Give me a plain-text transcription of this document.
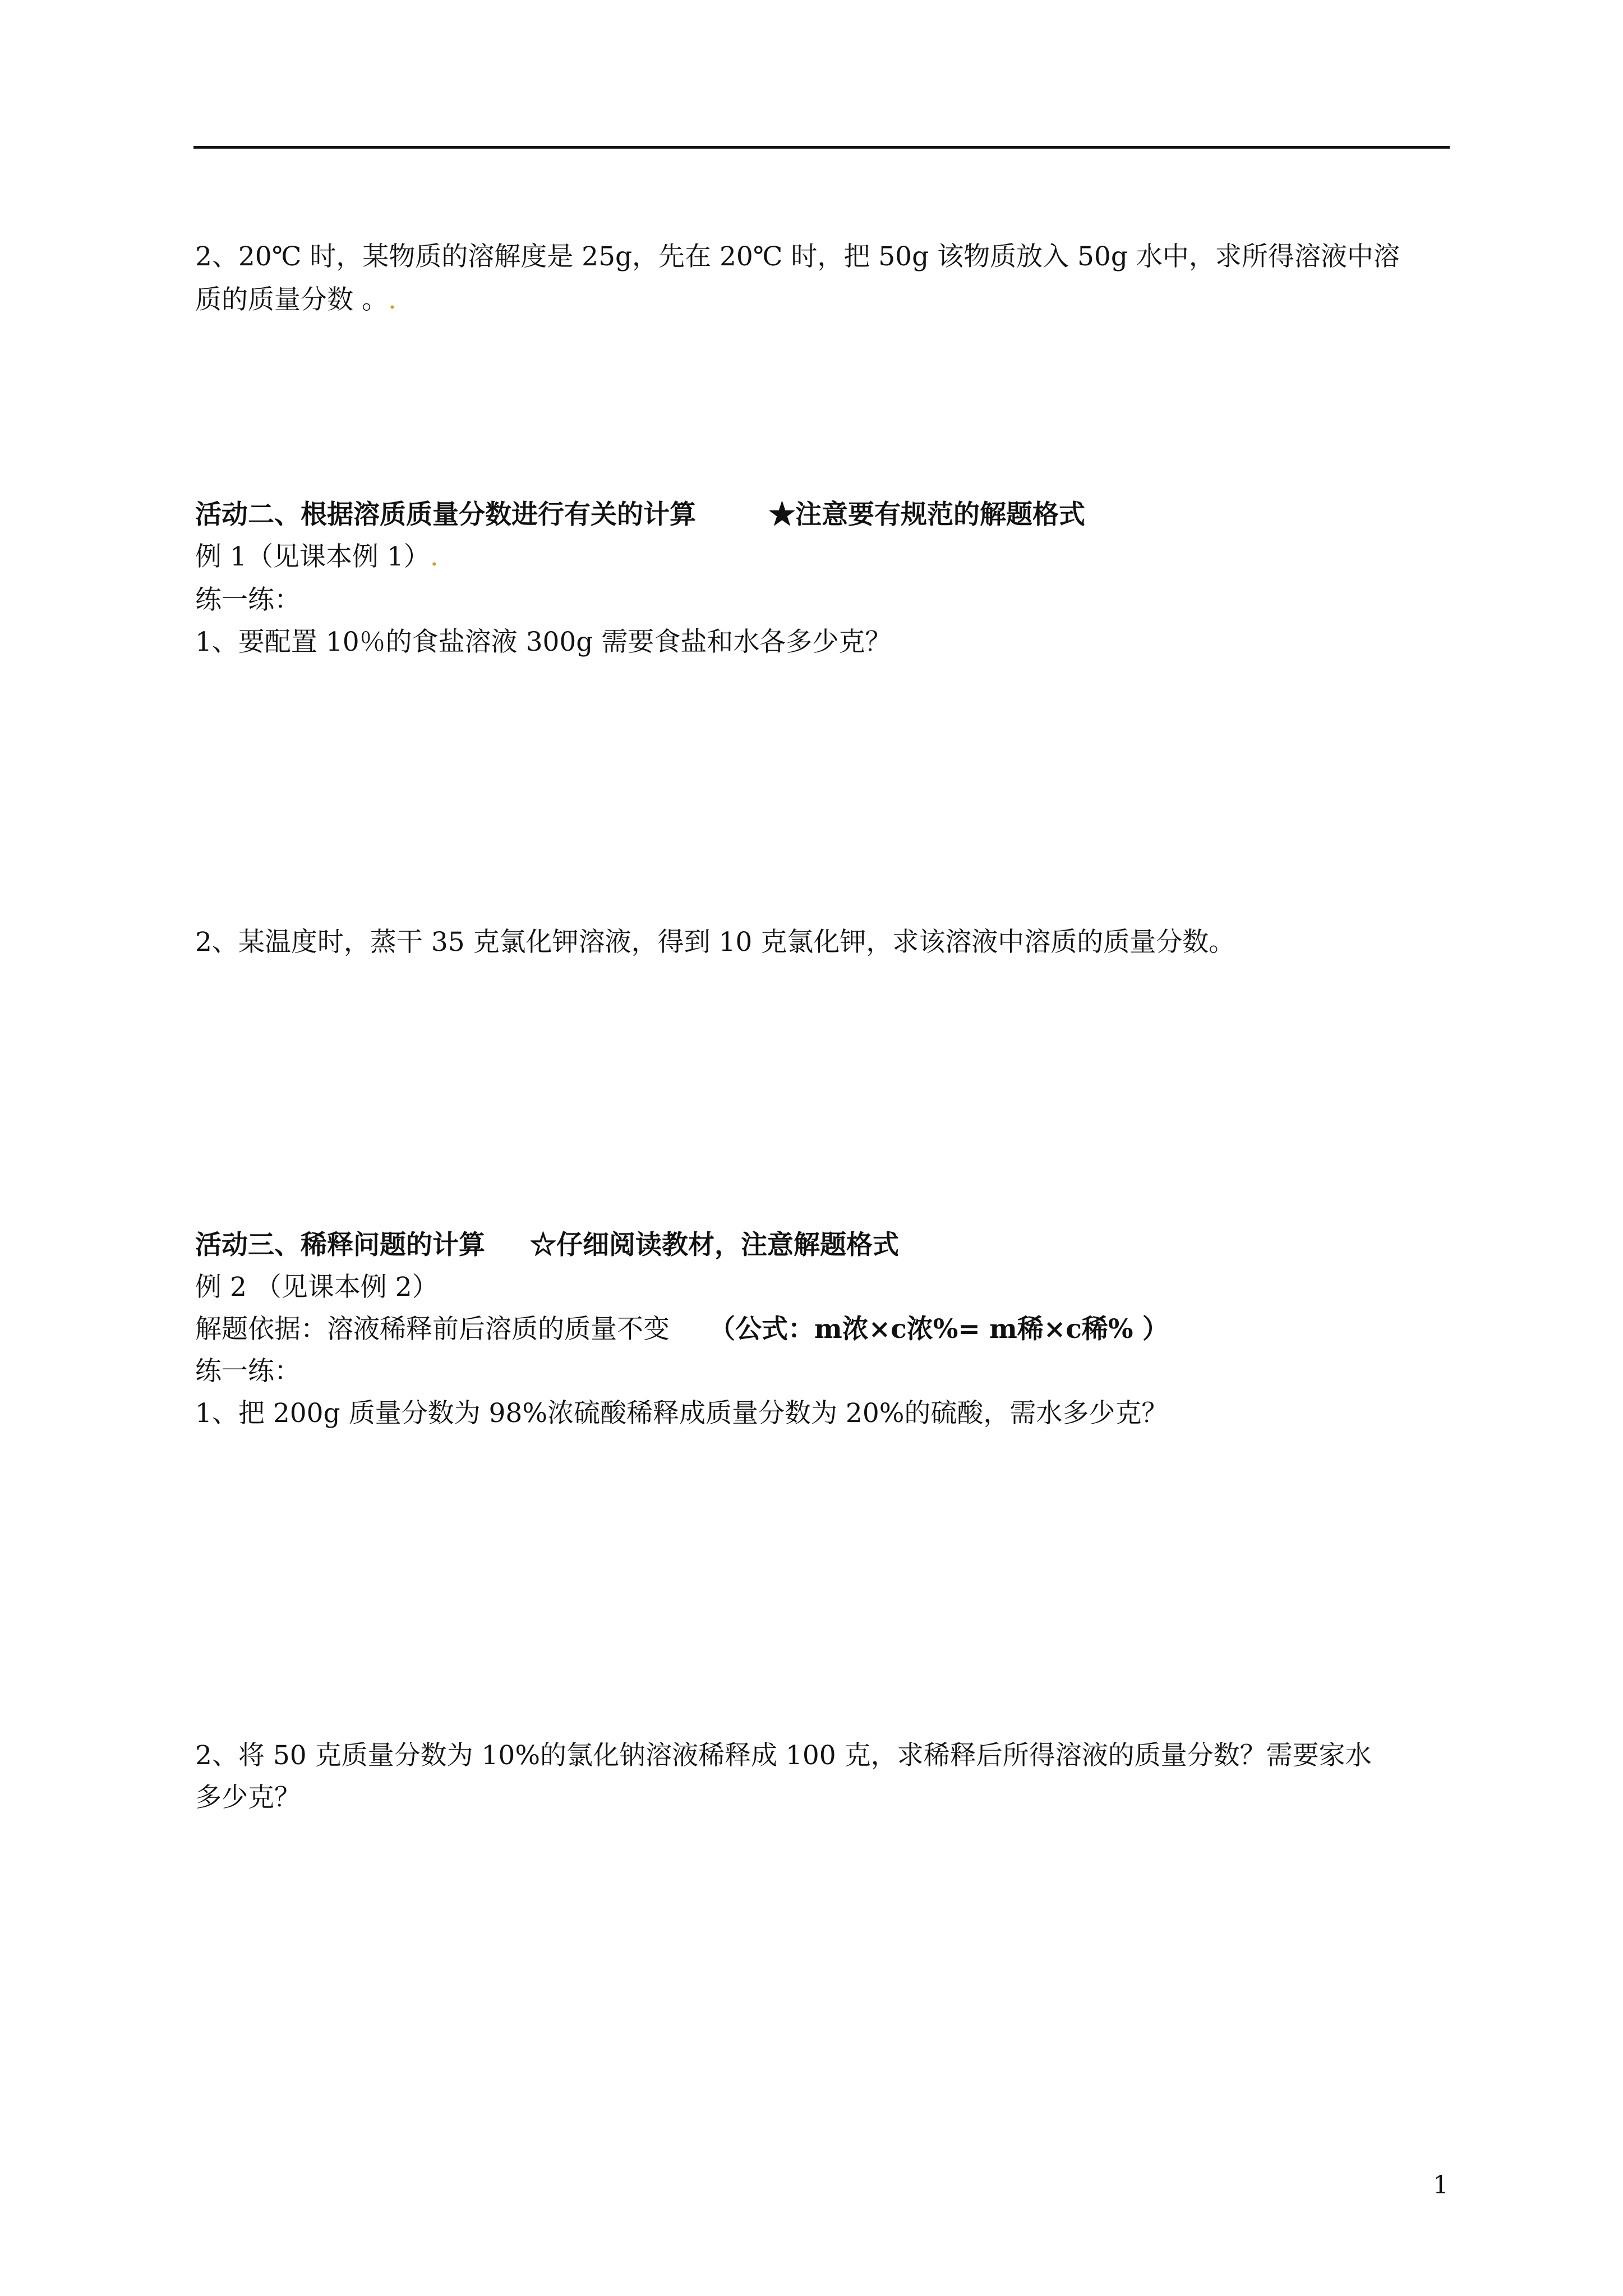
2、20℃ 时，某物质的溶解度是 25g，先在 20℃ 时，把 50g 该物质放入 50g 水中，求所得溶液中溶
质的质量分数 。.
活动二、根据溶质质量分数进行有关的计算	★注意要有规范的解题格式
例 1（见课本例 1）.
练一练：
1、要配置 10％的食盐溶液 300g 需要食盐和水各多少克？
2、某温度时，蒸干 35 克氯化钾溶液，得到 10 克氯化钾，求该溶液中溶质的质量分数。
活动三、稀释问题的计算 ☆仔细阅读教材，注意解题格式
例 2 （见课本例 2）
解题依据：溶液稀释前后溶质的质量不变 （公式：m浓×c浓%= m稀×c稀% ）
练一练：
1、把 200g 质量分数为 98%浓硫酸稀释成质量分数为 20%的硫酸，需水多少克？
2、将 50 克质量分数为 10%的氯化钠溶液稀释成 100 克，求稀释后所得溶液的质量分数？需要家水
多少克？
1
